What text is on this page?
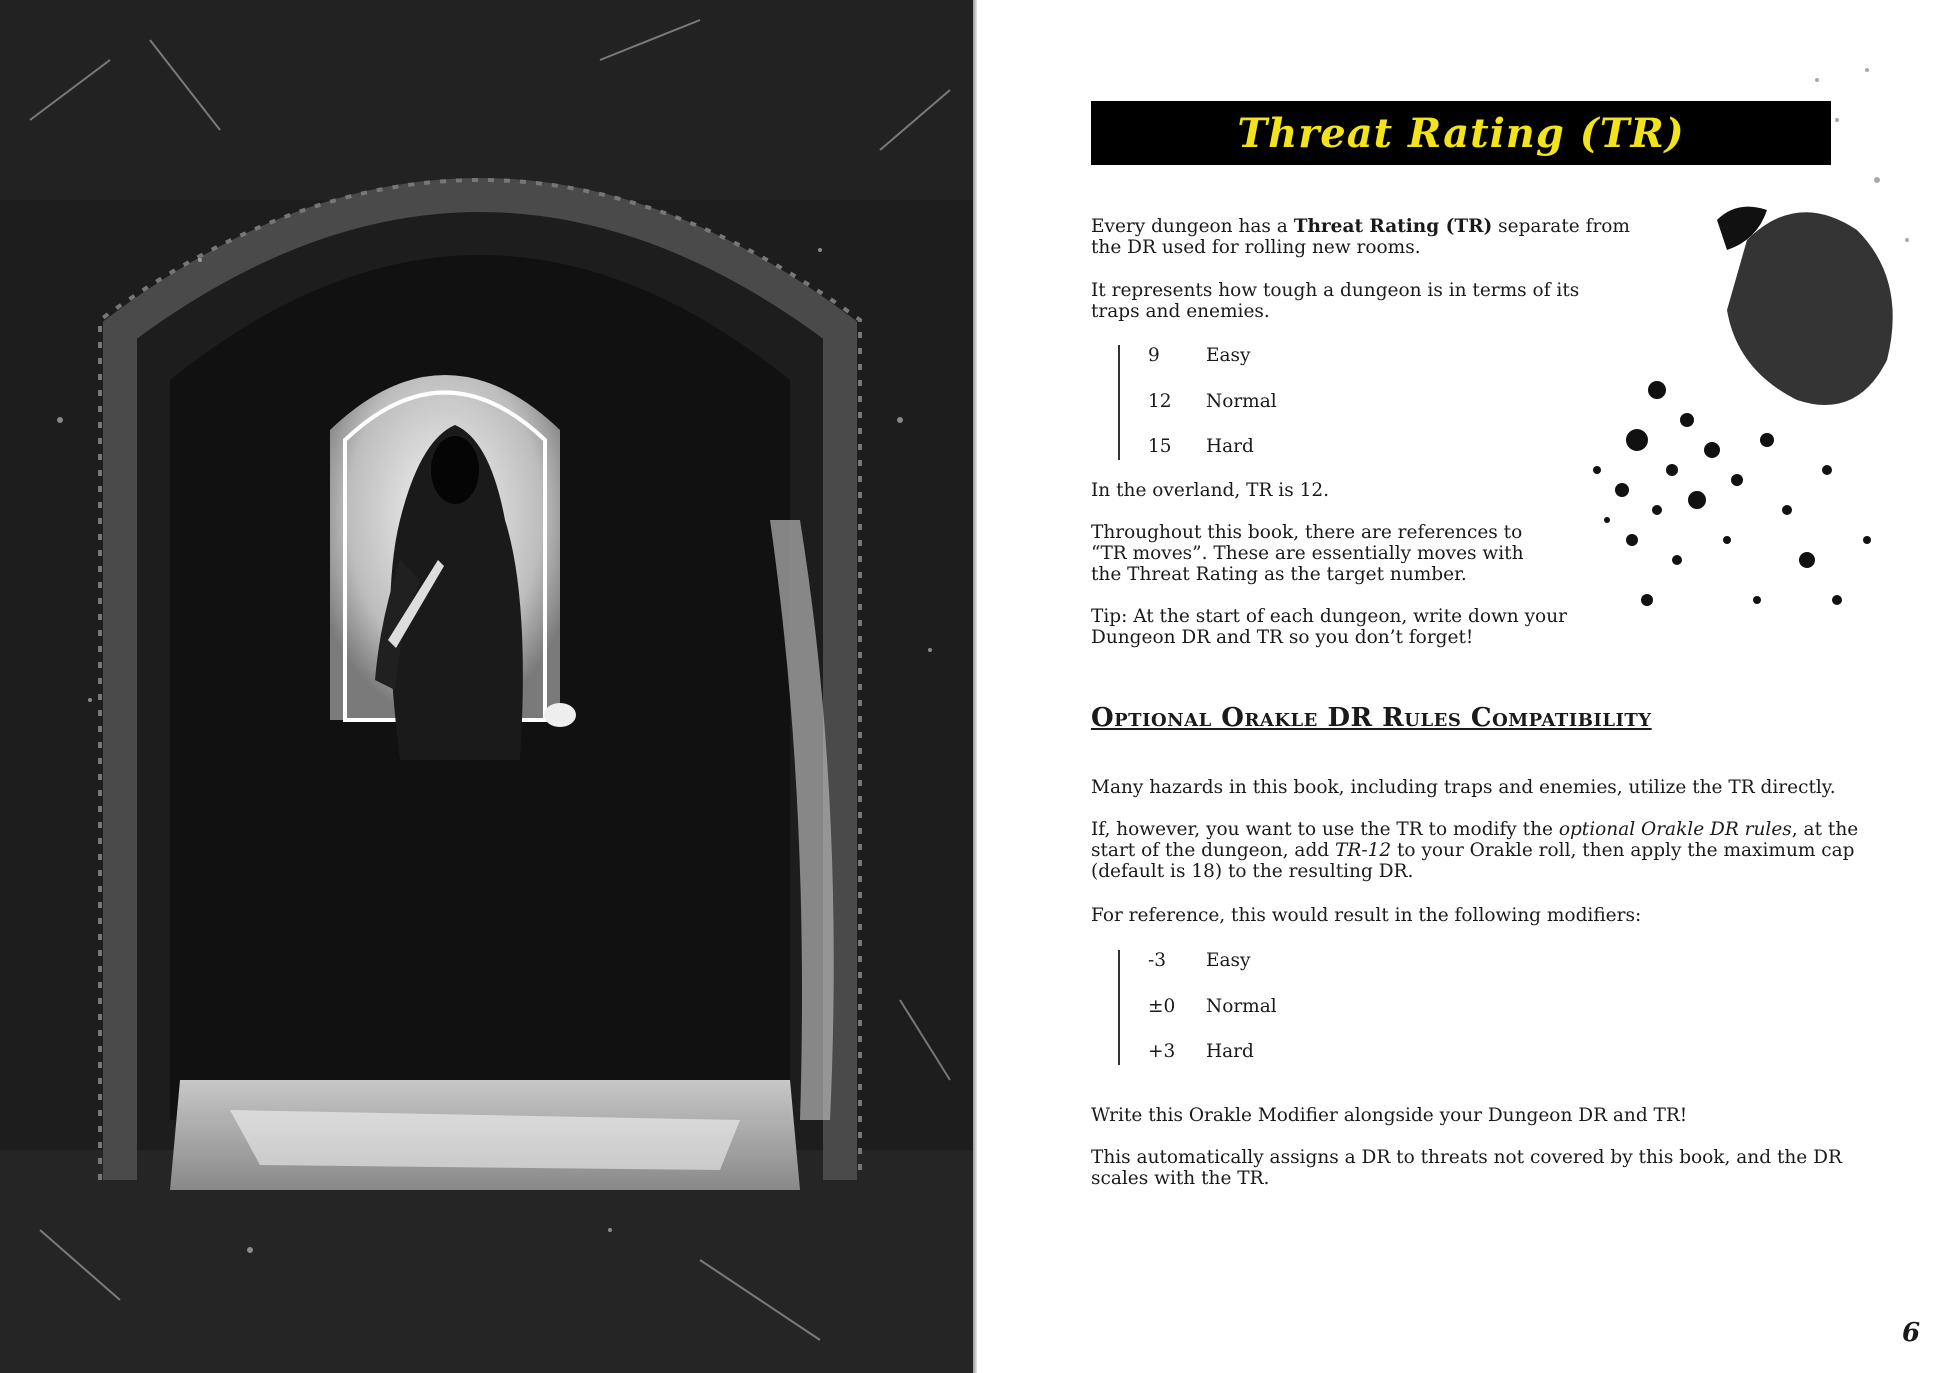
Threat Rating (TR)
Every dungeon has a Threat Rating (TR) separate from
the DR used for rolling new rooms.
It represents how tough a dungeon is in terms of its
traps and enemies.
9	Easy
12	Normal
15	Hard
In the overland, TR is 12.
Throughout this book, there are references to
“TR moves”. These are essentially moves with
the Threat Rating as the target number.
Tip: At the start of each dungeon, write down your
Dungeon DR and TR so you don’t forget!
Optional Orakle DR Rules Compatibility
Many hazards in this book, including traps and enemies, utilize the TR directly.
If, however, you want to use the TR to modify the optional Orakle DR rules, at the
start of the dungeon, add TR-12 to your Orakle roll, then apply the maximum cap
(default is 18) to the resulting DR.
For reference, this would result in the following modifiers:
-3	Easy
±0	Normal
+3	Hard
Write this Orakle Modifier alongside your Dungeon DR and TR!
This automatically assigns a DR to threats not covered by this book, and the DR
scales with the TR.
6
